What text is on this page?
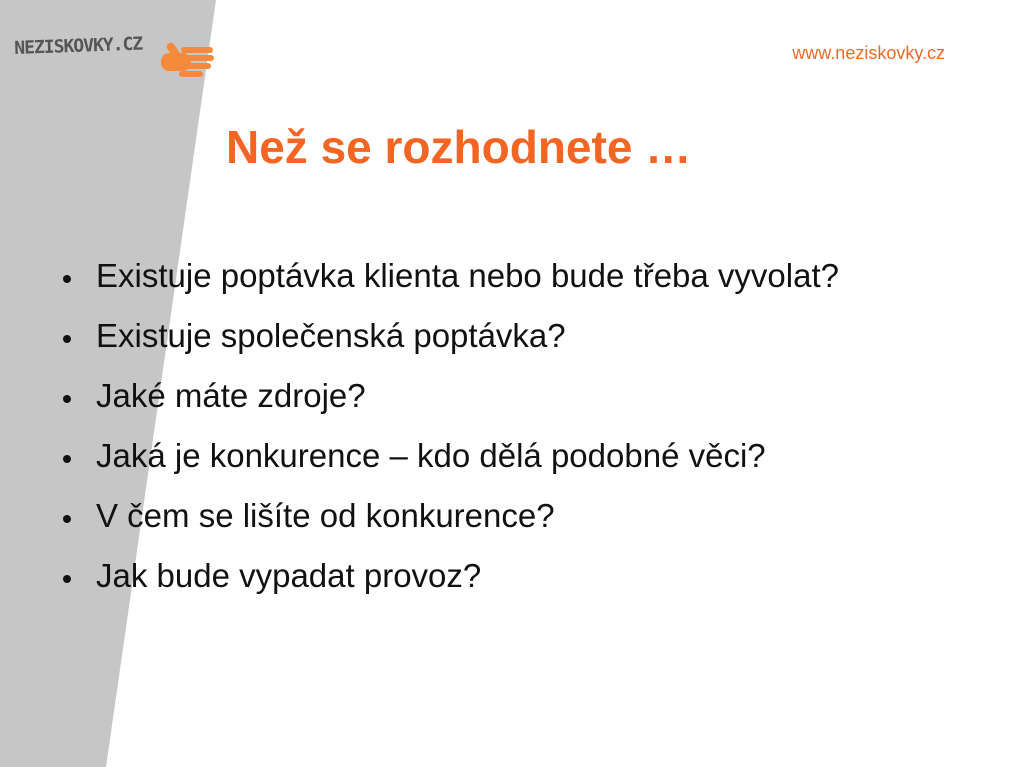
NEZISKOVKY.CZ	www.neziskovky.cz
Než se rozhodnete …
Existuje poptávka klienta nebo bude třeba vyvolat?
Existuje společenská poptávka?
Jaké máte zdroje?
Jaká je konkurence – kdo dělá podobné věci?
V čem se lišíte od konkurence?
Jak bude vypadat provoz?
